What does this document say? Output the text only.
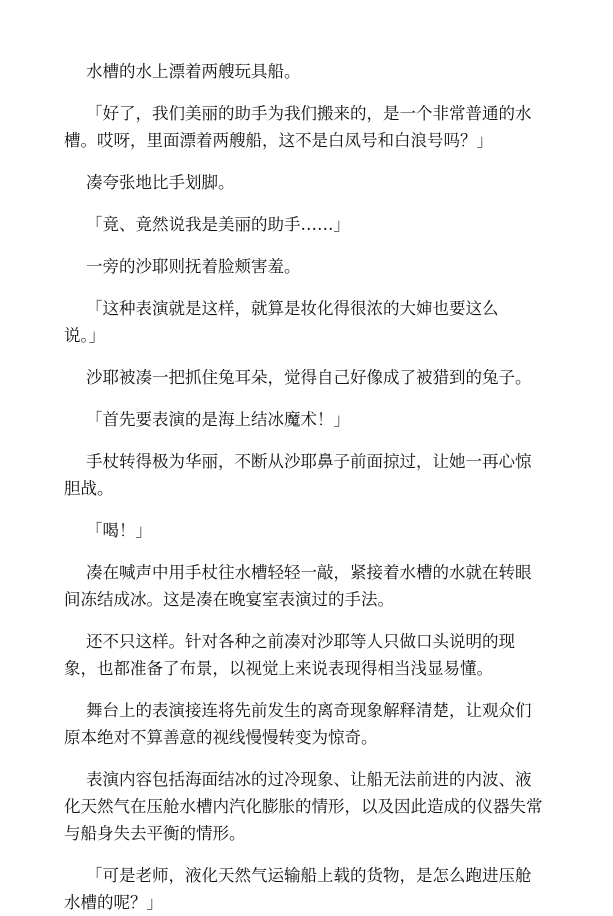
水槽的水上漂着两艘玩具船。
「好了，我们美丽的助手为我们搬来的，是一个非常普通的水
槽。哎呀，里面漂着两艘船，这不是白凤号和白浪号吗？」
凑夸张地比手划脚。
「竟、竟然说我是美丽的助手……」
一旁的沙耶则抚着脸颊害羞。
「这种表演就是这样，就算是妆化得很浓的大婶也要这么
说。」
沙耶被凑一把抓住兔耳朵，觉得自己好像成了被猎到的兔子。
「首先要表演的是海上结冰魔术！」
手杖转得极为华丽，不断从沙耶鼻子前面掠过，让她一再心惊
胆战。
「喝！」
凑在喊声中用手杖往水槽轻轻一敲，紧接着水槽的水就在转眼
间冻结成冰。这是凑在晚宴室表演过的手法。
还不只这样。针对各种之前凑对沙耶等人只做口头说明的现
象，也都准备了布景，以视觉上来说表现得相当浅显易懂。
舞台上的表演接连将先前发生的离奇现象解释清楚，让观众们
原本绝对不算善意的视线慢慢转变为惊奇。
表演内容包括海面结冰的过冷现象、让船无法前进的内波、液
化天然气在压舱水槽内汽化膨胀的情形，以及因此造成的仪器失常
与船身失去平衡的情形。
「可是老师，液化天然气运输船上载的货物，是怎么跑进压舱
水槽的呢？」
